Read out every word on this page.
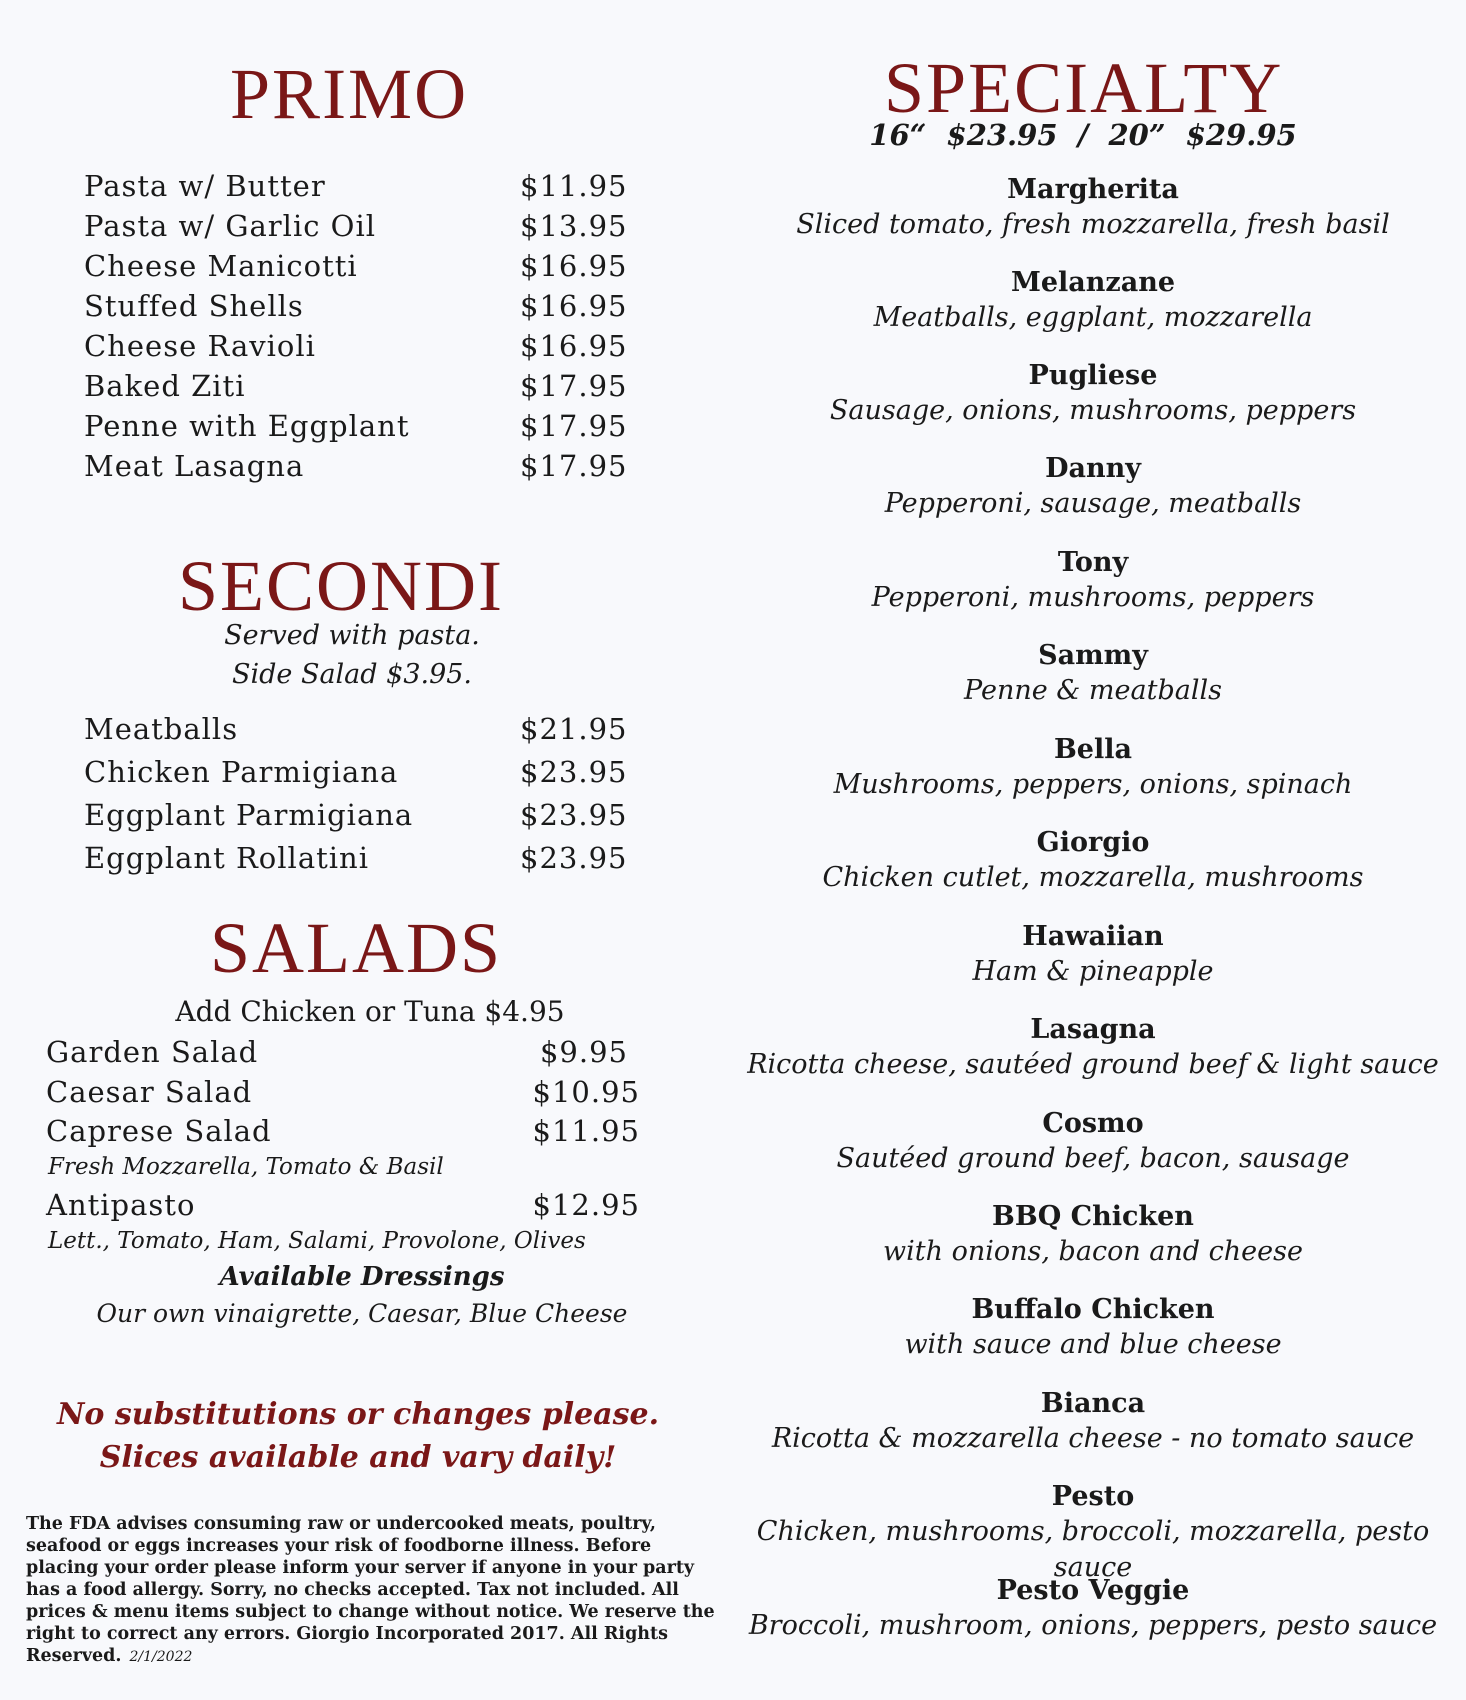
PRIMO
Pasta w/ Butter	$11.95
Pasta w/ Garlic Oil	$13.95
Cheese Manicotti	$16.95
Stuffed Shells	$16.95
Cheese Ravioli	$16.95
Baked Ziti	$17.95
Penne with Eggplant	$17.95
Meat Lasagna	$17.95
SECONDI
Served with pasta.
Side Salad $3.95.
Meatballs	$21.95
Chicken Parmigiana	$23.95
Eggplant Parmigiana	$23.95
Eggplant Rollatini	$23.95
SALADS
Add Chicken or Tuna $4.95
Garden Salad	$9.95
Caesar Salad	$10.95
Caprese Salad	$11.95
Fresh Mozzarella, Tomato & Basil
Antipasto	$12.95
Lett., Tomato, Ham, Salami, Provolone, Olives
Available Dressings
Our own vinaigrette, Caesar, Blue Cheese
No substitutions or changes please.
Slices available and vary daily!
The FDA advises consuming raw or undercooked meats, poultry, seafood or eggs increases your risk of foodborne illness. Before placing your order please inform your server if anyone in your party has a food allergy. Sorry, no checks accepted. Tax not included. All prices & menu items subject to change without notice. We reserve the right to correct any errors. Giorgio Incorporated 2017. All Rights Reserved. 2/1/2022
SPECIALTY
16“  $23.95  /  20”  $29.95
Margherita
Sliced tomato, fresh mozzarella, fresh basil
Melanzane
Meatballs, eggplant, mozzarella
Pugliese
Sausage, onions, mushrooms, peppers
Danny
Pepperoni, sausage, meatballs
Tony
Pepperoni, mushrooms, peppers
Sammy
Penne & meatballs
Bella
Mushrooms, peppers, onions, spinach
Giorgio
Chicken cutlet, mozzarella, mushrooms
Hawaiian
Ham & pineapple
Lasagna
Ricotta cheese, sautéed ground beef & light sauce
Cosmo
Sautéed ground beef, bacon, sausage
BBQ Chicken
with onions, bacon and cheese
Buffalo Chicken
with sauce and blue cheese
Bianca
Ricotta & mozzarella cheese - no tomato sauce
Pesto
Chicken, mushrooms, broccoli, mozzarella, pesto sauce
Pesto Veggie
Broccoli, mushroom, onions, peppers, pesto sauce
